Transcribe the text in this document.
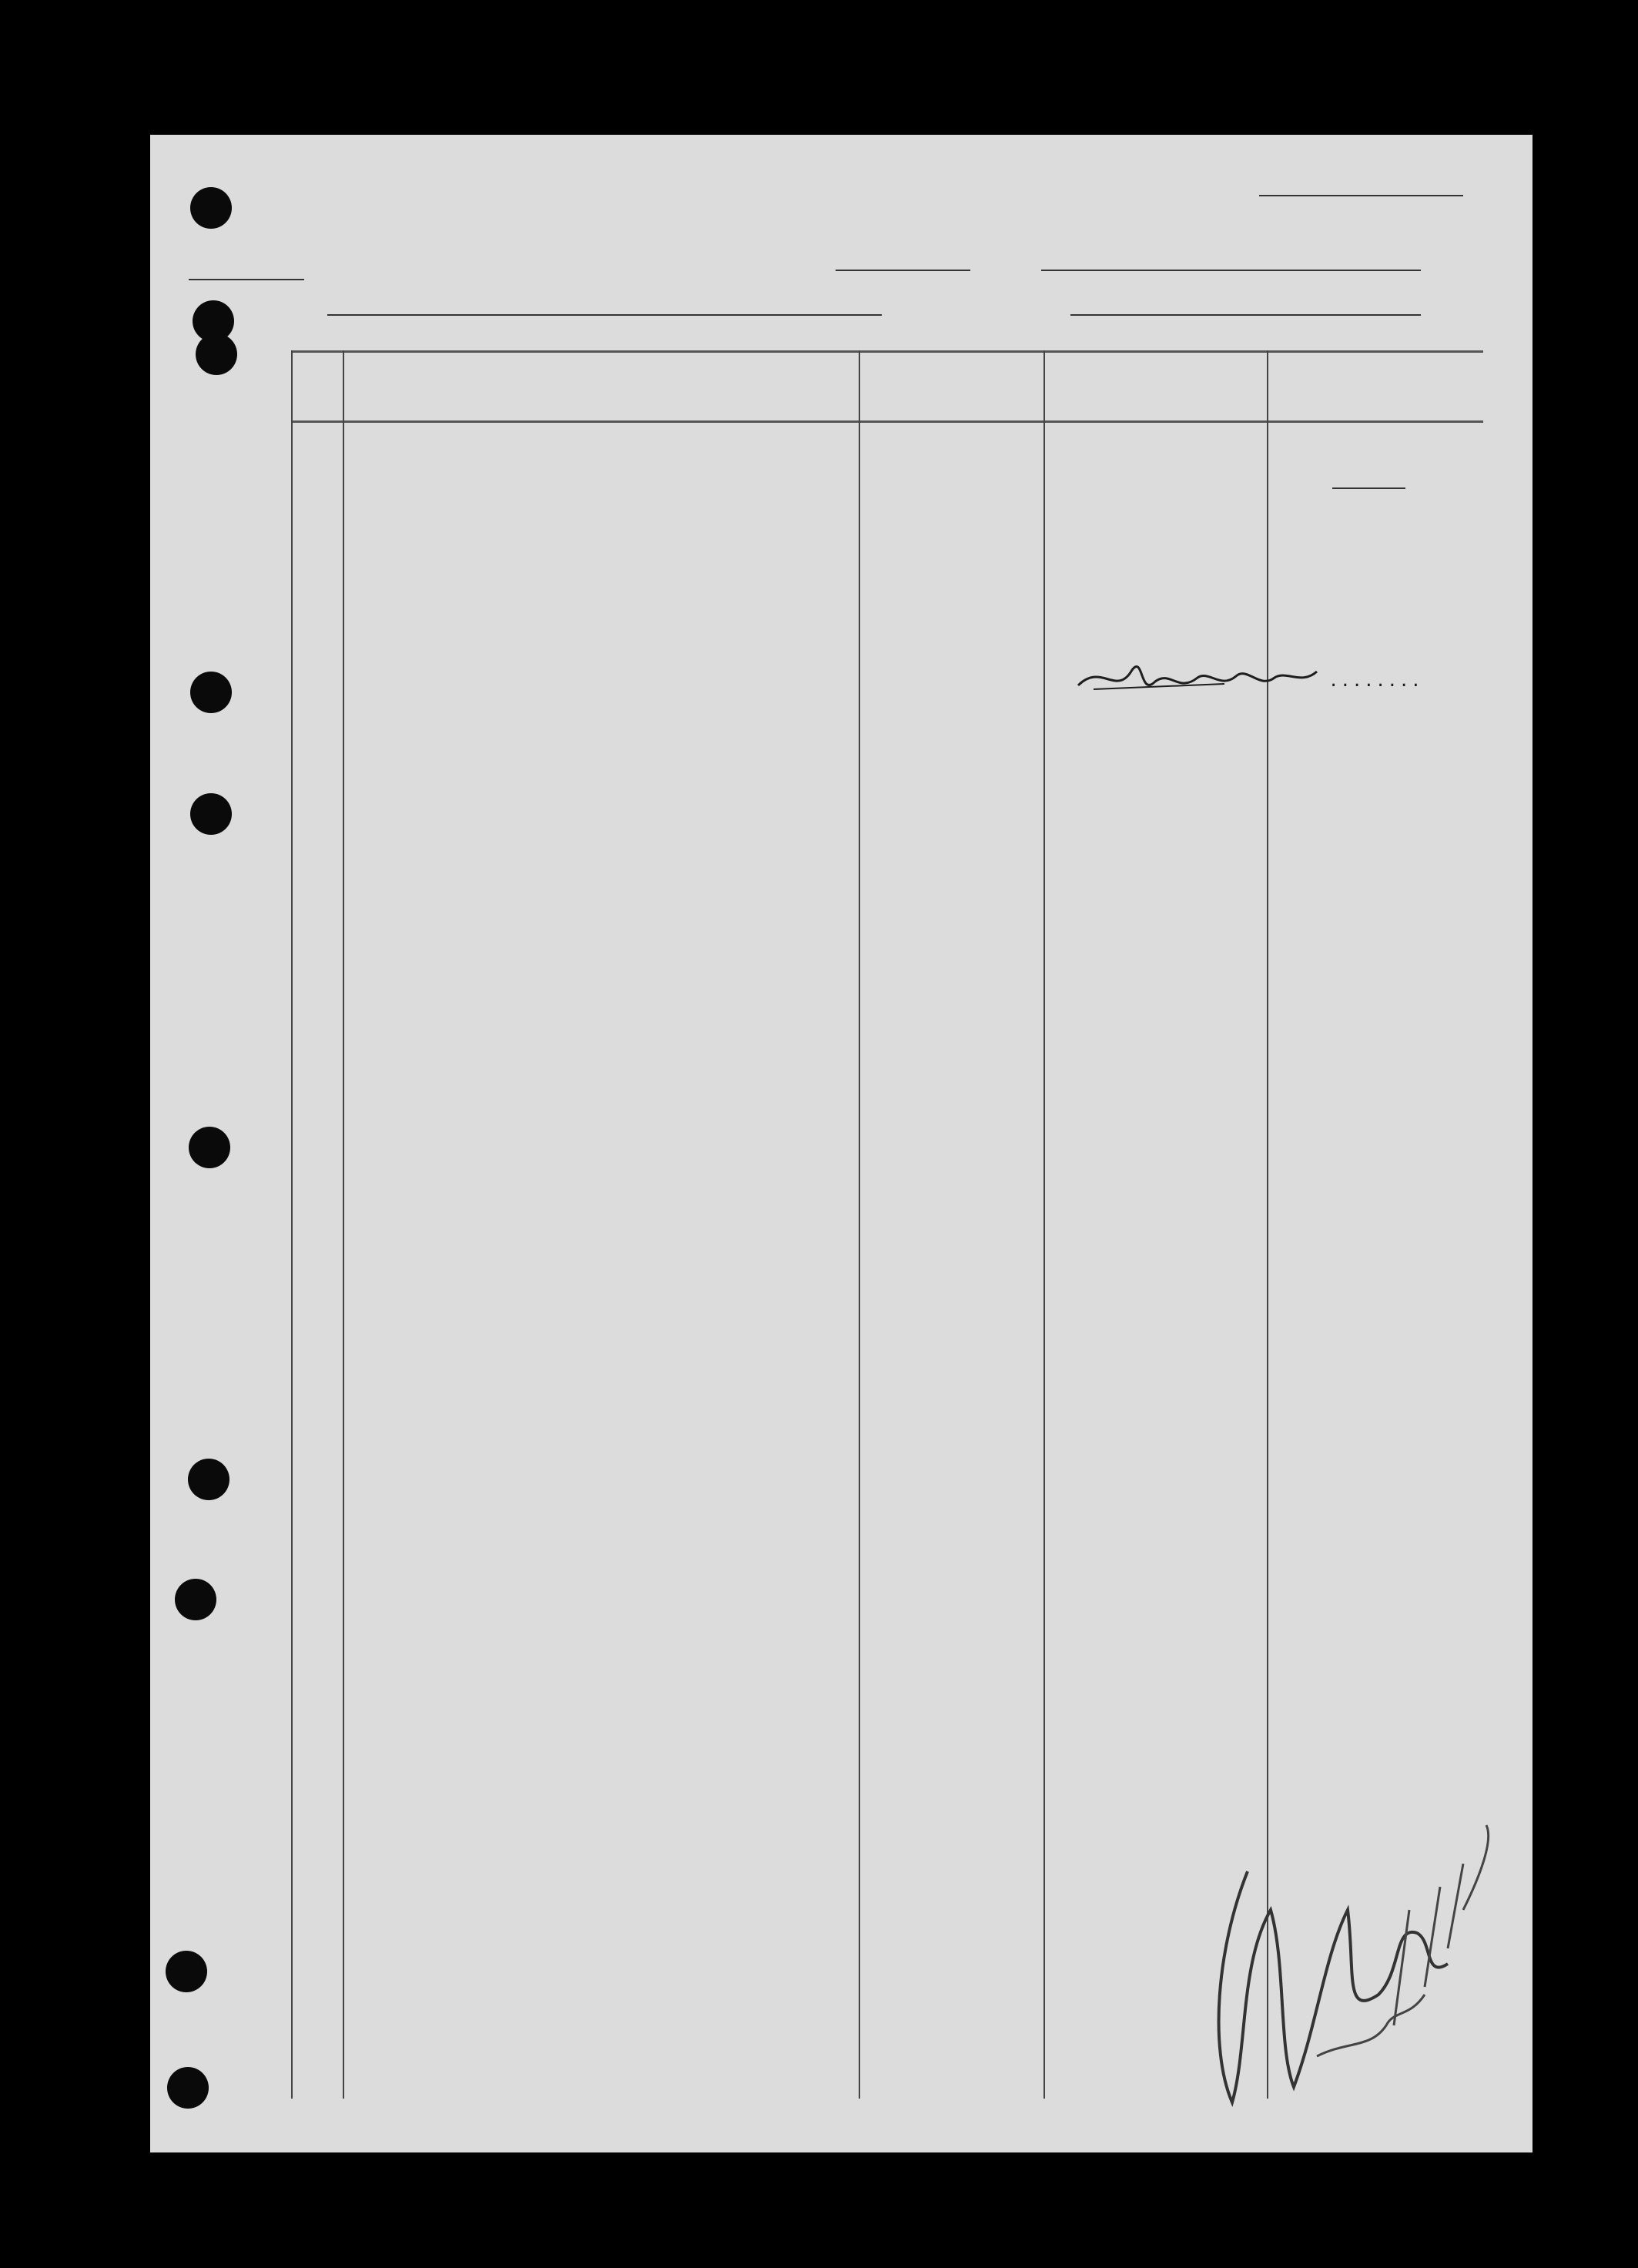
........
